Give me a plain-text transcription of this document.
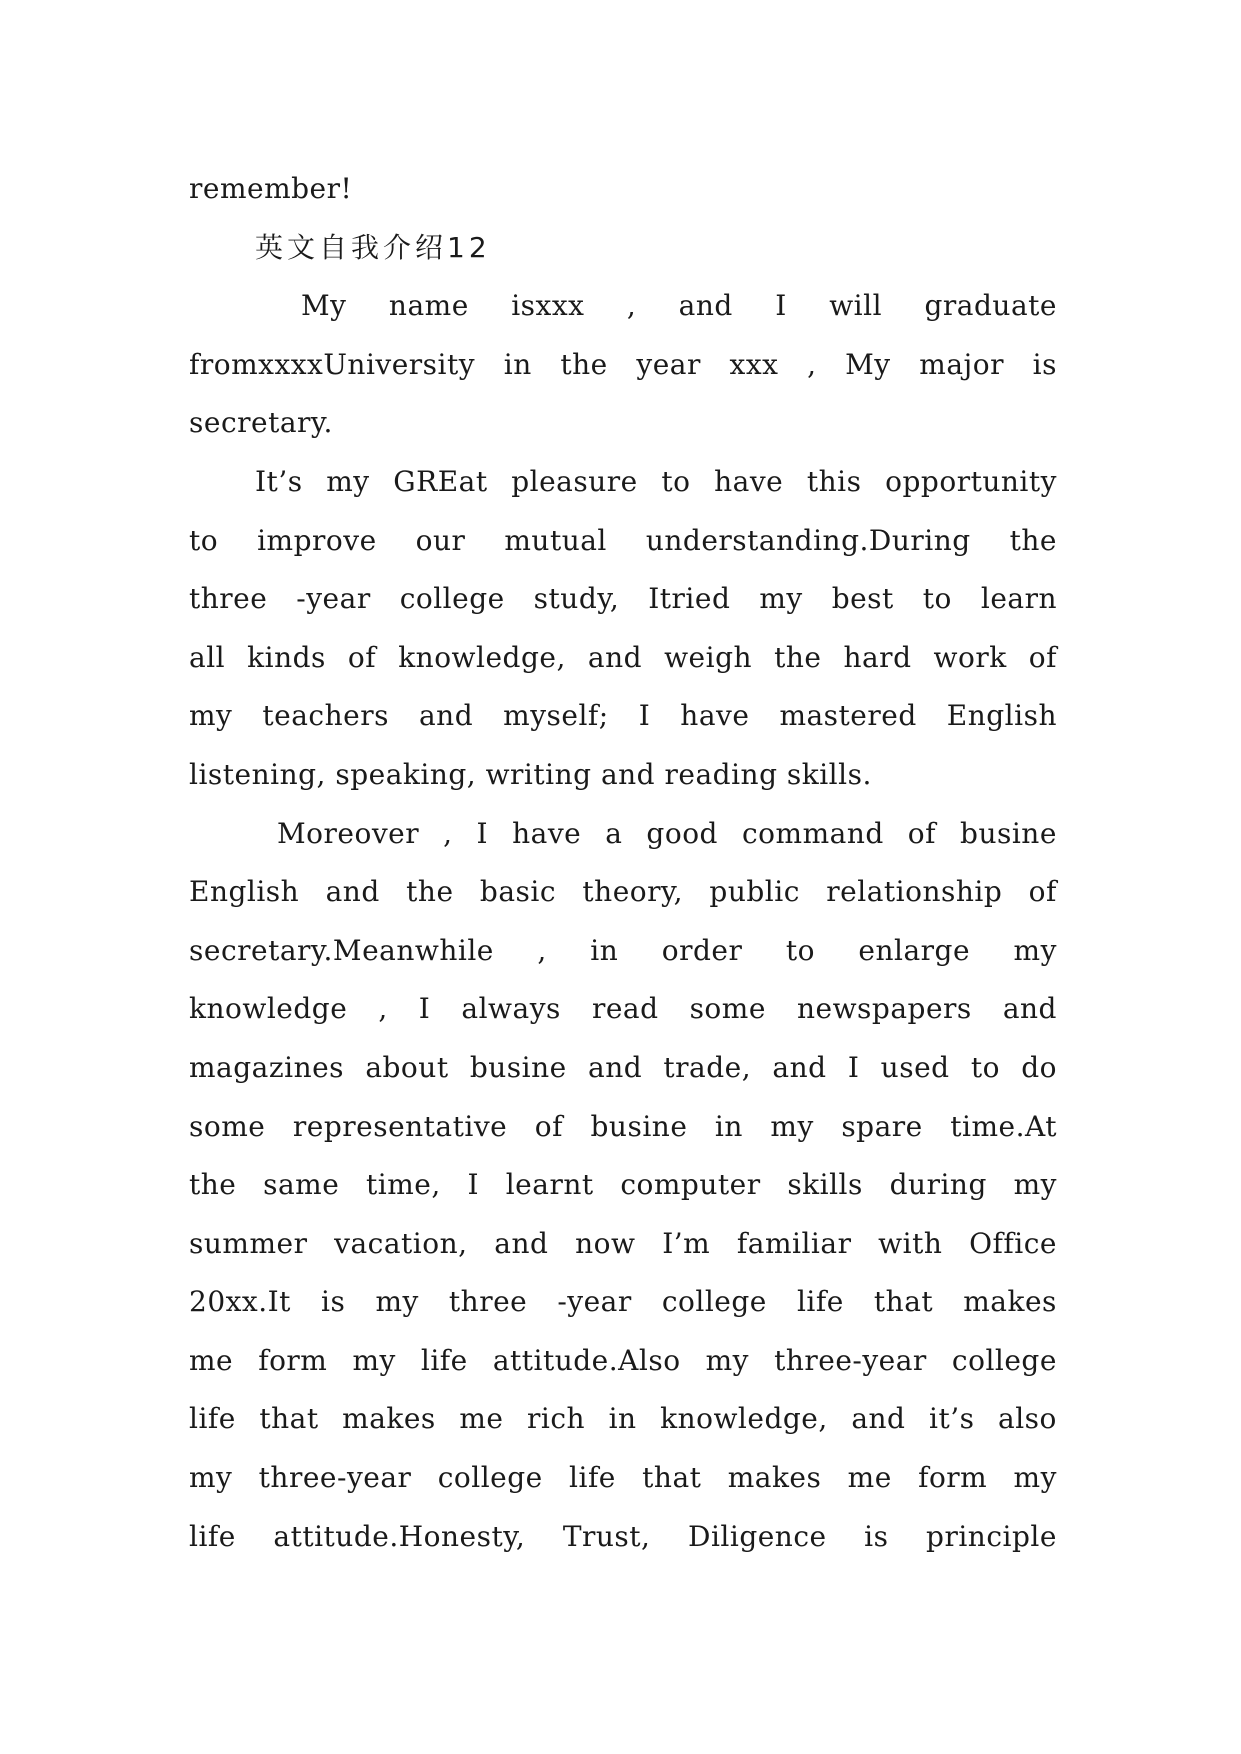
remember!
英文自我介绍12
My name isxxx , and I will graduate
fromxxxxUniversity in the year xxx , My major is
secretary.
It’s my GREat pleasure to have this opportunity
to improve our mutual understanding.During the
three -year college study, Itried my best to learn
all kinds of knowledge, and weigh the hard work of
my teachers and myself; I have mastered English
listening, speaking, writing and reading skills.
Moreover , I have a good command of busine
English and the basic theory, public relationship of
secretary.Meanwhile , in order to enlarge my
knowledge , I always read some newspapers and
magazines about busine and trade, and I used to do
some representative of busine in my spare time.At
the same time, I learnt computer skills during my
summer vacation, and now I’m familiar with Office
20xx.It is my three -year college life that makes
me form my life attitude.Also my three-year college
life that makes me rich in knowledge, and it’s also
my three-year college life that makes me form my
life attitude.Honesty, Trust, Diligence is principle
